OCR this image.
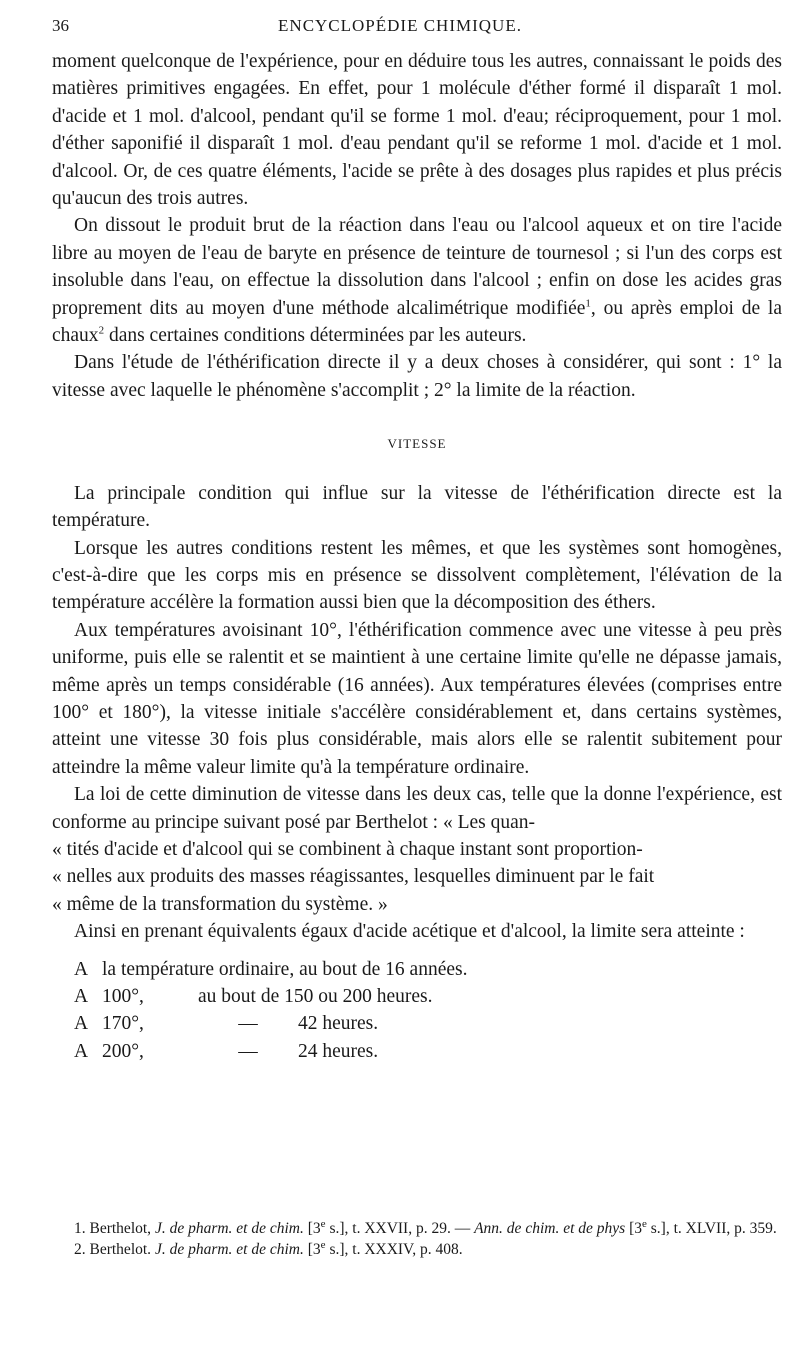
36	ENCYCLOPÉDIE CHIMIQUE.

moment quelconque de l'expérience, pour en déduire tous les autres, connaissant le poids des matières primitives engagées. En effet, pour 1 molécule d'éther formé il disparaît 1 mol. d'acide et 1 mol. d'alcool, pendant qu'il se forme 1 mol. d'eau; réciproquement, pour 1 mol. d'éther saponifié il disparaît 1 mol. d'eau pendant qu'il se reforme 1 mol. d'acide et 1 mol. d'alcool. Or, de ces quatre éléments, l'acide se prête à des dosages plus rapides et plus précis qu'aucun des trois autres.

On dissout le produit brut de la réaction dans l'eau ou l'alcool aqueux et on tire l'acide libre au moyen de l'eau de baryte en présence de teinture de tournesol ; si l'un des corps est insoluble dans l'eau, on effectue la dissolution dans l'alcool ; enfin on dose les acides gras proprement dits au moyen d'une méthode alcalimétrique modifiée$^1$, ou après emploi de la chaux$^2$ dans certaines conditions déterminées par les auteurs.

Dans l'étude de l'éthérification directe il y a deux choses à considérer, qui sont : 1° la vitesse avec laquelle le phénomène s'accomplit ; 2° la limite de la réaction.

VITESSE

La principale condition qui influe sur la vitesse de l'éthérification directe est la température.

Lorsque les autres conditions restent les mêmes, et que les systèmes sont homogènes, c'est-à-dire que les corps mis en présence se dissolvent complètement, l'élévation de la température accélère la formation aussi bien que la décomposition des éthers.

Aux températures avoisinant 10°, l'éthérification commence avec une vitesse à peu près uniforme, puis elle se ralentit et se maintient à une certaine limite qu'elle ne dépasse jamais, même après un temps considérable (16 années). Aux températures élevées (comprises entre 100° et 180°), la vitesse initiale s'accélère considérablement et, dans certains systèmes, atteint une vitesse 30 fois plus considérable, mais alors elle se ralentit subitement pour atteindre la même valeur limite qu'à la température ordinaire.

La loi de cette diminution de vitesse dans les deux cas, telle que la donne l'expérience, est conforme au principe suivant posé par Berthelot : « Les quan-

« tités d'acide et d'alcool qui se combinent à chaque instant sont proportion-

« nelles aux produits des masses réagissantes, lesquelles diminuent par le fait

« même de la transformation du système. »

Ainsi en prenant équivalents égaux d'acide acétique et d'alcool, la limite sera atteinte :

A la température ordinaire, au bout de 16 années.
A 100°,	au bout de 150 ou 200 heures.
A 170°,	—	42 heures.
A 200°,	—	24 heures.

1. Berthelot, J. de pharm. et de chim. [3e s.], t. XXVII, p. 29. — Ann. de chim. et de phys [3e s.], t. XLVII, p. 359.

2. Berthelot. J. de pharm. et de chim. [3e s.], t. XXXIV, p. 408.
